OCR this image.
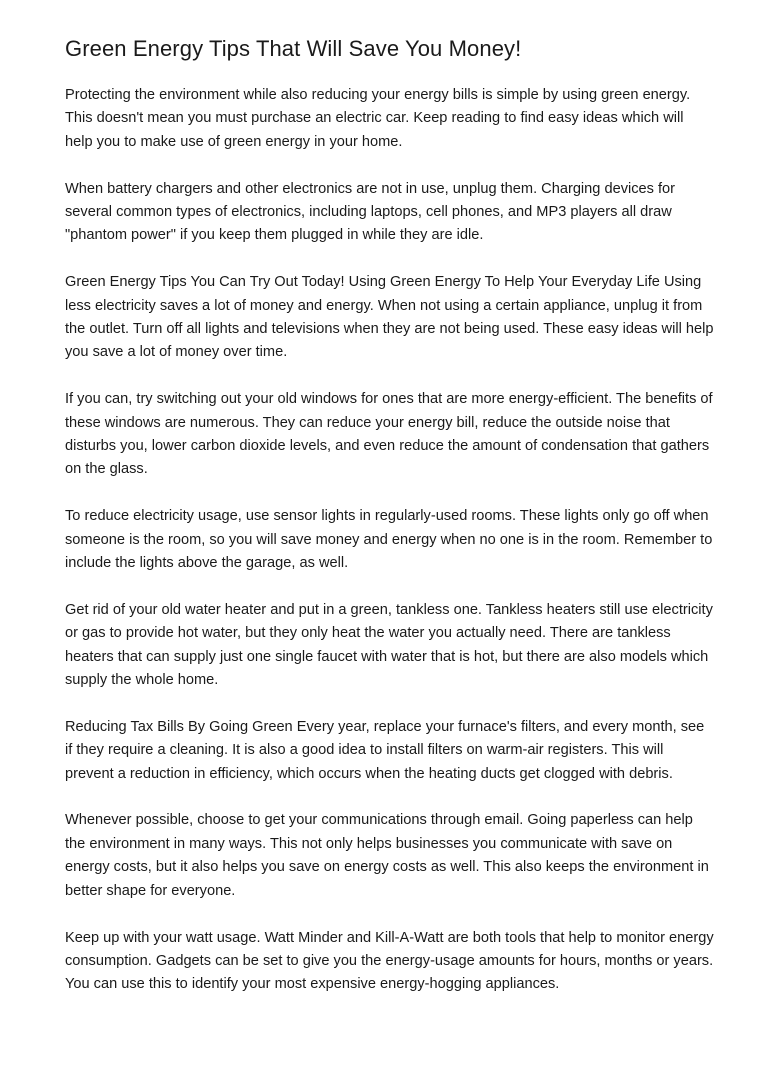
Green Energy Tips That Will Save You Money!

Protecting the environment while also reducing your energy bills is simple by using green energy. This doesn't mean you must purchase an electric car. Keep reading to find easy ideas which will help you to make use of green energy in your home.

When battery chargers and other electronics are not in use, unplug them. Charging devices for several common types of electronics, including laptops, cell phones, and MP3 players all draw "phantom power" if you keep them plugged in while they are idle.

Green Energy Tips You Can Try Out Today! Using Green Energy To Help Your Everyday Life Using less electricity saves a lot of money and energy. When not using a certain appliance, unplug it from the outlet. Turn off all lights and televisions when they are not being used. These easy ideas will help you save a lot of money over time.

If you can, try switching out your old windows for ones that are more energy-efficient. The benefits of these windows are numerous. They can reduce your energy bill, reduce the outside noise that disturbs you, lower carbon dioxide levels, and even reduce the amount of condensation that gathers on the glass.

To reduce electricity usage, use sensor lights in regularly-used rooms. These lights only go off when someone is the room, so you will save money and energy when no one is in the room. Remember to include the lights above the garage, as well.

Get rid of your old water heater and put in a green, tankless one. Tankless heaters still use electricity or gas to provide hot water, but they only heat the water you actually need. There are tankless heaters that can supply just one single faucet with water that is hot, but there are also models which supply the whole home.

Reducing Tax Bills By Going Green Every year, replace your furnace's filters, and every month, see if they require a cleaning. It is also a good idea to install filters on warm-air registers. This will prevent a reduction in efficiency, which occurs when the heating ducts get clogged with debris.

Whenever possible, choose to get your communications through email. Going paperless can help the environment in many ways. This not only helps businesses you communicate with save on energy costs, but it also helps you save on energy costs as well. This also keeps the environment in better shape for everyone.

Keep up with your watt usage. Watt Minder and Kill-A-Watt are both tools that help to monitor energy consumption. Gadgets can be set to give you the energy-usage amounts for hours, months or years. You can use this to identify your most expensive energy-hogging appliances.
